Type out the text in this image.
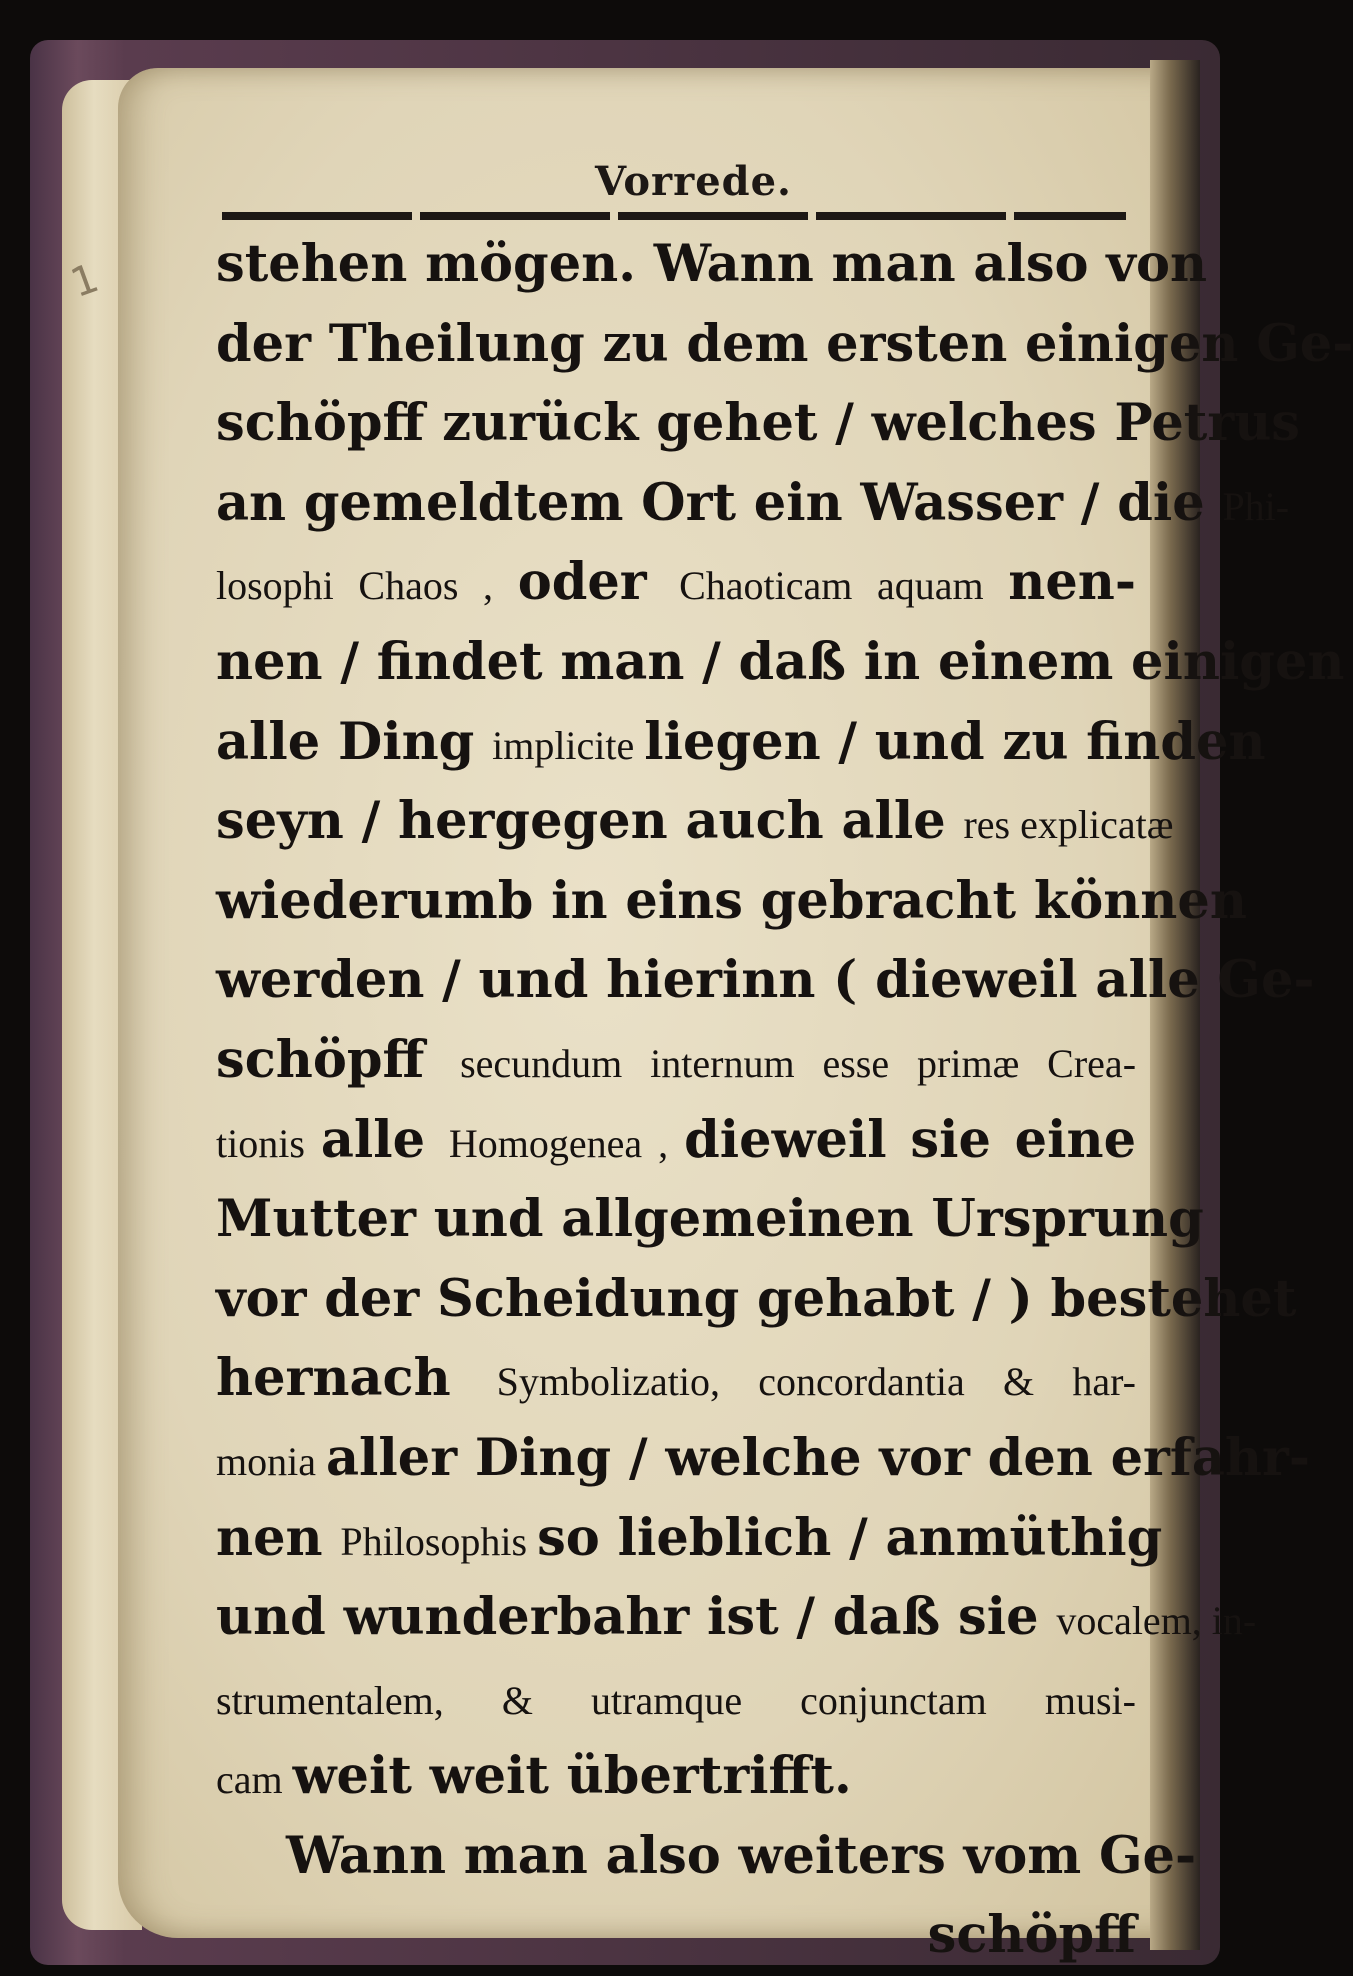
1
Vorrede.
stehen mögen. Wann man also von
der Theilung zu dem ersten einigen Ge-
schöpff zurück gehet / welches Petrus
an gemeldtem Ort ein Wasser / die Phi-
losophi Chaos , oder Chaoticam aquam nen-
nen / findet man / daß in einem einigen
alle Ding implicite liegen / und zu finden
seyn / hergegen auch alle res explicatæ
wiederumb in eins gebracht können
werden / und hierinn ( dieweil alle Ge-
schöpff secundum internum esse primæ Crea-
tionis alle Homogenea , dieweil sie eine
Mutter und allgemeinen Ursprung
vor der Scheidung gehabt / ) bestehet
hernach Symbolizatio, concordantia & har-
monia aller Ding / welche vor den erfahr-
nen Philosophis so lieblich / anmüthig
und wunderbahr ist / daß sie vocalem, in-
strumentalem, & utramque conjunctam musi-
cam weit weit übertrifft.
Wann man also weiters vom Ge-
schöpff
